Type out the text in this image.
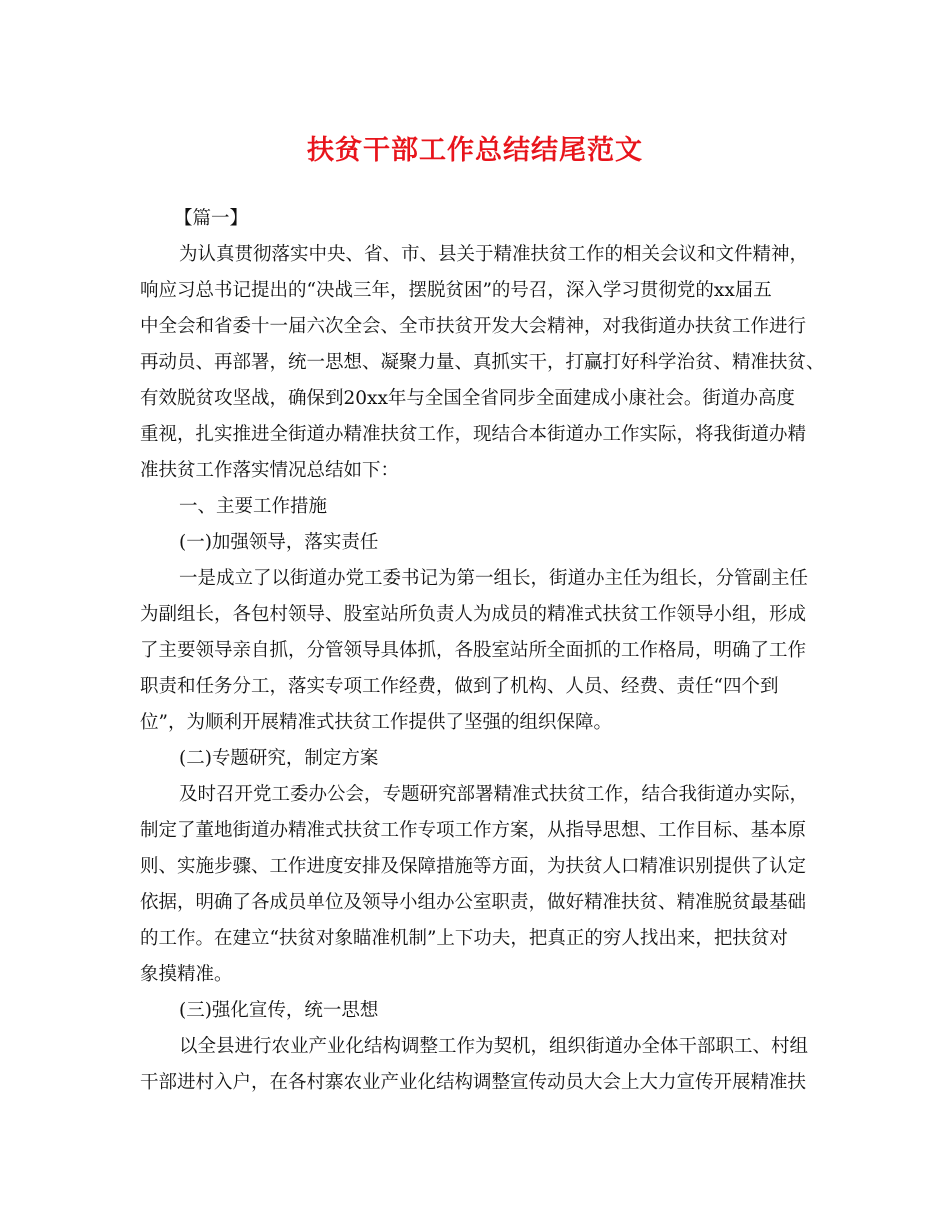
扶贫干部工作总结结尾范文
【篇一】
为认真贯彻落实中央、省、市、县关于精准扶贫工作的相关会议和文件精神，
响应习总书记提出的“决战三年，摆脱贫困”的号召，深入学习贯彻党的xx届五
中全会和省委十一届六次全会、全市扶贫开发大会精神，对我街道办扶贫工作进行
再动员、再部署，统一思想、凝聚力量、真抓实干，打赢打好科学治贫、精准扶贫、
有效脱贫攻坚战，确保到20xx年与全国全省同步全面建成小康社会。街道办高度
重视，扎实推进全街道办精准扶贫工作，现结合本街道办工作实际，将我街道办精
准扶贫工作落实情况总结如下：
一、主要工作措施
(一)加强领导，落实责任
一是成立了以街道办党工委书记为第一组长，街道办主任为组长，分管副主任
为副组长，各包村领导、股室站所负责人为成员的精准式扶贫工作领导小组，形成
了主要领导亲自抓，分管领导具体抓，各股室站所全面抓的工作格局，明确了工作
职责和任务分工，落实专项工作经费，做到了机构、人员、经费、责任“四个到
位”，为顺利开展精准式扶贫工作提供了坚强的组织保障。
(二)专题研究，制定方案
及时召开党工委办公会，专题研究部署精准式扶贫工作，结合我街道办实际，
制定了董地街道办精准式扶贫工作专项工作方案，从指导思想、工作目标、基本原
则、实施步骤、工作进度安排及保障措施等方面，为扶贫人口精准识别提供了认定
依据，明确了各成员单位及领导小组办公室职责，做好精准扶贫、精准脱贫最基础
的工作。在建立“扶贫对象瞄准机制”上下功夫，把真正的穷人找出来，把扶贫对
象摸精准。
(三)强化宣传，统一思想
以全县进行农业产业化结构调整工作为契机，组织街道办全体干部职工、村组
干部进村入户，在各村寨农业产业化结构调整宣传动员大会上大力宣传开展精准扶
